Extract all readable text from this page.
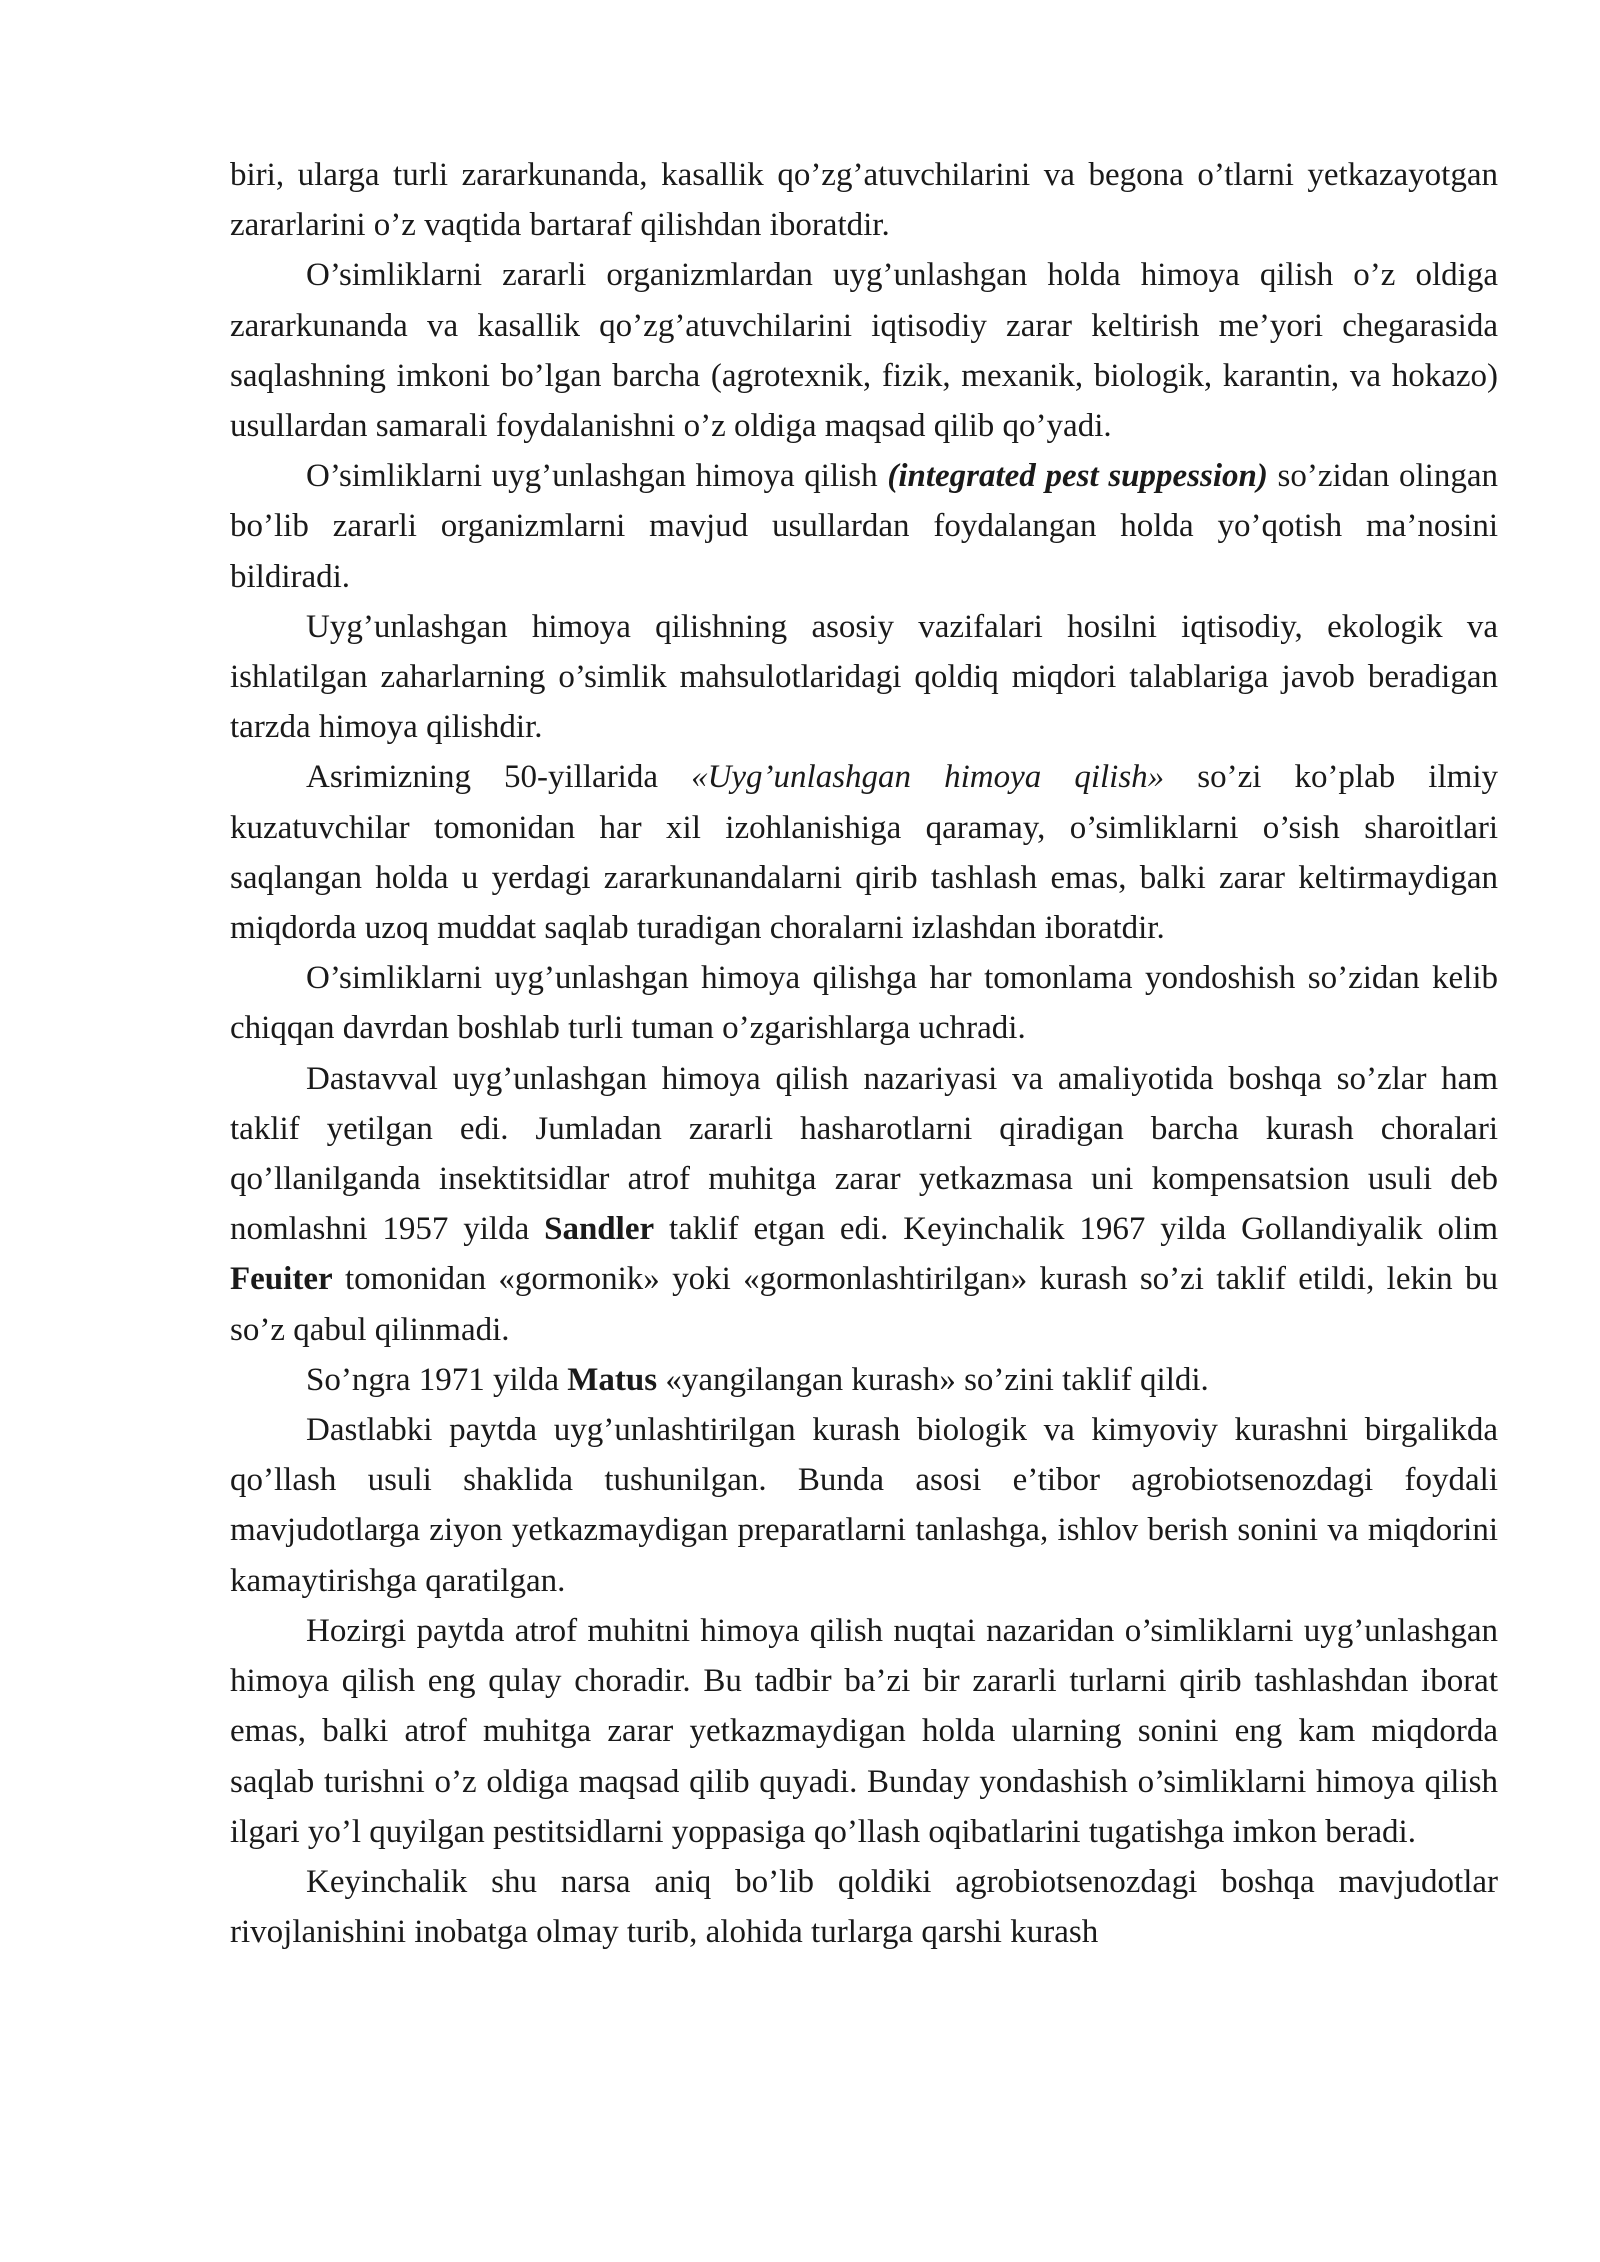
biri, ularga turli zararkunanda, kasallik qo’zg’atuvchilarini va begona o’tlarni yetkazayotgan zararlarini o’z vaqtida bartaraf qilishdan iboratdir.

O’simliklarni zararli organizmlardan uyg’unlashgan holda himoya qilish o’z oldiga zararkunanda va kasallik qo’zg’atuvchilarini iqtisodiy zarar keltirish me’yori chegarasida saqlashning imkoni bo’lgan barcha (agrotexnik, fizik, mexanik, biologik, karantin, va hokazo) usullardan samarali foydalanishni o’z oldiga maqsad qilib qo’yadi.

O’simliklarni uyg’unlashgan himoya qilish (integrated pest suppession) so’zidan olingan bo’lib zararli organizmlarni mavjud usullardan foydalangan holda yo’qotish ma’nosini bildiradi.

Uyg’unlashgan himoya qilishning asosiy vazifalari hosilni iqtisodiy, ekologik va ishlatilgan zaharlarning o’simlik mahsulotlaridagi qoldiq miqdori talablariga javob beradigan tarzda himoya qilishdir.

Asrimizning 50-yillarida «Uyg’unlashgan himoya qilish» so’zi ko’plab ilmiy kuzatuvchilar tomonidan har xil izohlanishiga qaramay, o’simliklarni o’sish sharoitlari saqlangan holda u yerdagi zararkunandalarni qirib tashlash emas, balki zarar keltirmaydigan miqdorda uzoq muddat saqlab turadigan choralarni izlashdan iboratdir.

O’simliklarni uyg’unlashgan himoya qilishga har tomonlama yondoshish so’zidan kelib chiqqan davrdan boshlab turli tuman o’zgarishlarga uchradi.

Dastavval uyg’unlashgan himoya qilish nazariyasi va amaliyotida boshqa so’zlar ham taklif yetilgan edi. Jumladan zararli hasharotlarni qiradigan barcha kurash choralari qo’llanilganda insektitsidlar atrof muhitga zarar yetkazmasa uni kompensatsion usuli deb nomlashni 1957 yilda Sandler taklif etgan edi. Keyinchalik 1967 yilda Gollandiyalik olim Feuiter tomonidan «gormonik» yoki «gormonlashtirilgan» kurash so’zi taklif etildi, lekin bu so’z qabul qilinmadi.

So’ngra 1971 yilda Matus «yangilangan kurash» so’zini taklif qildi.

Dastlabki paytda uyg’unlashtirilgan kurash biologik va kimyoviy kurashni birgalikda qo’llash usuli shaklida tushunilgan. Bunda asosi e’tibor agrobiotsenozdagi foydali mavjudotlarga ziyon yetkazmaydigan preparatlarni tanlashga, ishlov berish sonini va miqdorini kamaytirishga qaratilgan.

Hozirgi paytda atrof muhitni himoya qilish nuqtai nazaridan o’simliklarni uyg’unlashgan himoya qilish eng qulay choradir. Bu tadbir ba’zi bir zararli turlarni qirib tashlashdan iborat emas, balki atrof muhitga zarar yetkazmaydigan holda ularning sonini eng kam miqdorda saqlab turishni o’z oldiga maqsad qilib quyadi. Bunday yondashish o’simliklarni himoya qilish ilgari yo’l quyilgan pestitsidlarni yoppasiga qo’llash oqibatlarini tugatishga imkon beradi.

Keyinchalik shu narsa aniq bo’lib qoldiki agrobiotsenozdagi boshqa mavjudotlar rivojlanishini inobatga olmay turib, alohida turlarga qarshi kurash
